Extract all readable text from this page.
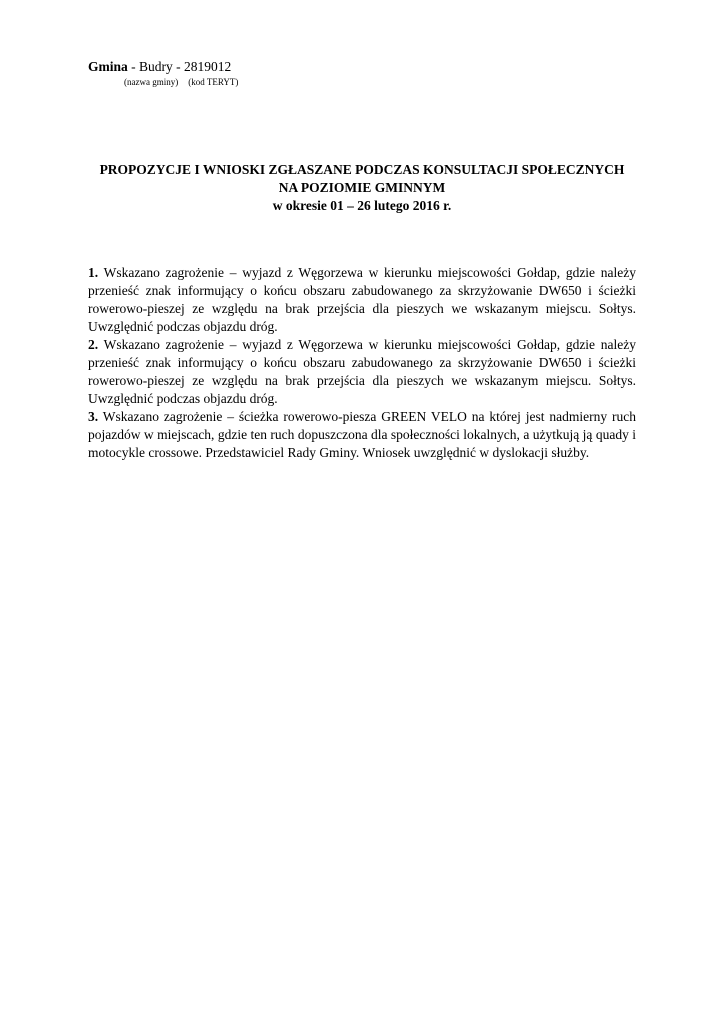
Gmina - Budry - 2819012
(nazwa gminy) (kod TERYT)
PROPOZYCJE I WNIOSKI ZGŁASZANE PODCZAS KONSULTACJI SPOŁECZNYCH
NA POZIOMIE GMINNYM
w okresie 01 – 26 lutego 2016 r.

1. Wskazano zagrożenie – wyjazd z Węgorzewa w kierunku miejscowości Gołdap, gdzie należy przenieść znak informujący o końcu obszaru zabudowanego za skrzyżowanie DW650 i ścieżki rowerowo-pieszej ze względu na brak przejścia dla pieszych we wskazanym miejscu. Sołtys. Uwzględnić podczas objazdu dróg.

2. Wskazano zagrożenie – wyjazd z Węgorzewa w kierunku miejscowości Gołdap, gdzie należy przenieść znak informujący o końcu obszaru zabudowanego za skrzyżowanie DW650 i ścieżki rowerowo-pieszej ze względu na brak przejścia dla pieszych we wskazanym miejscu. Sołtys. Uwzględnić podczas objazdu dróg.

3. Wskazano zagrożenie – ścieżka rowerowo-piesza GREEN VELO na której jest nadmierny ruch pojazdów w miejscach, gdzie ten ruch dopuszczona dla społeczności lokalnych, a użytkują ją quady i motocykle crossowe. Przedstawiciel Rady Gminy. Wniosek uwzględnić w dyslokacji służby.
